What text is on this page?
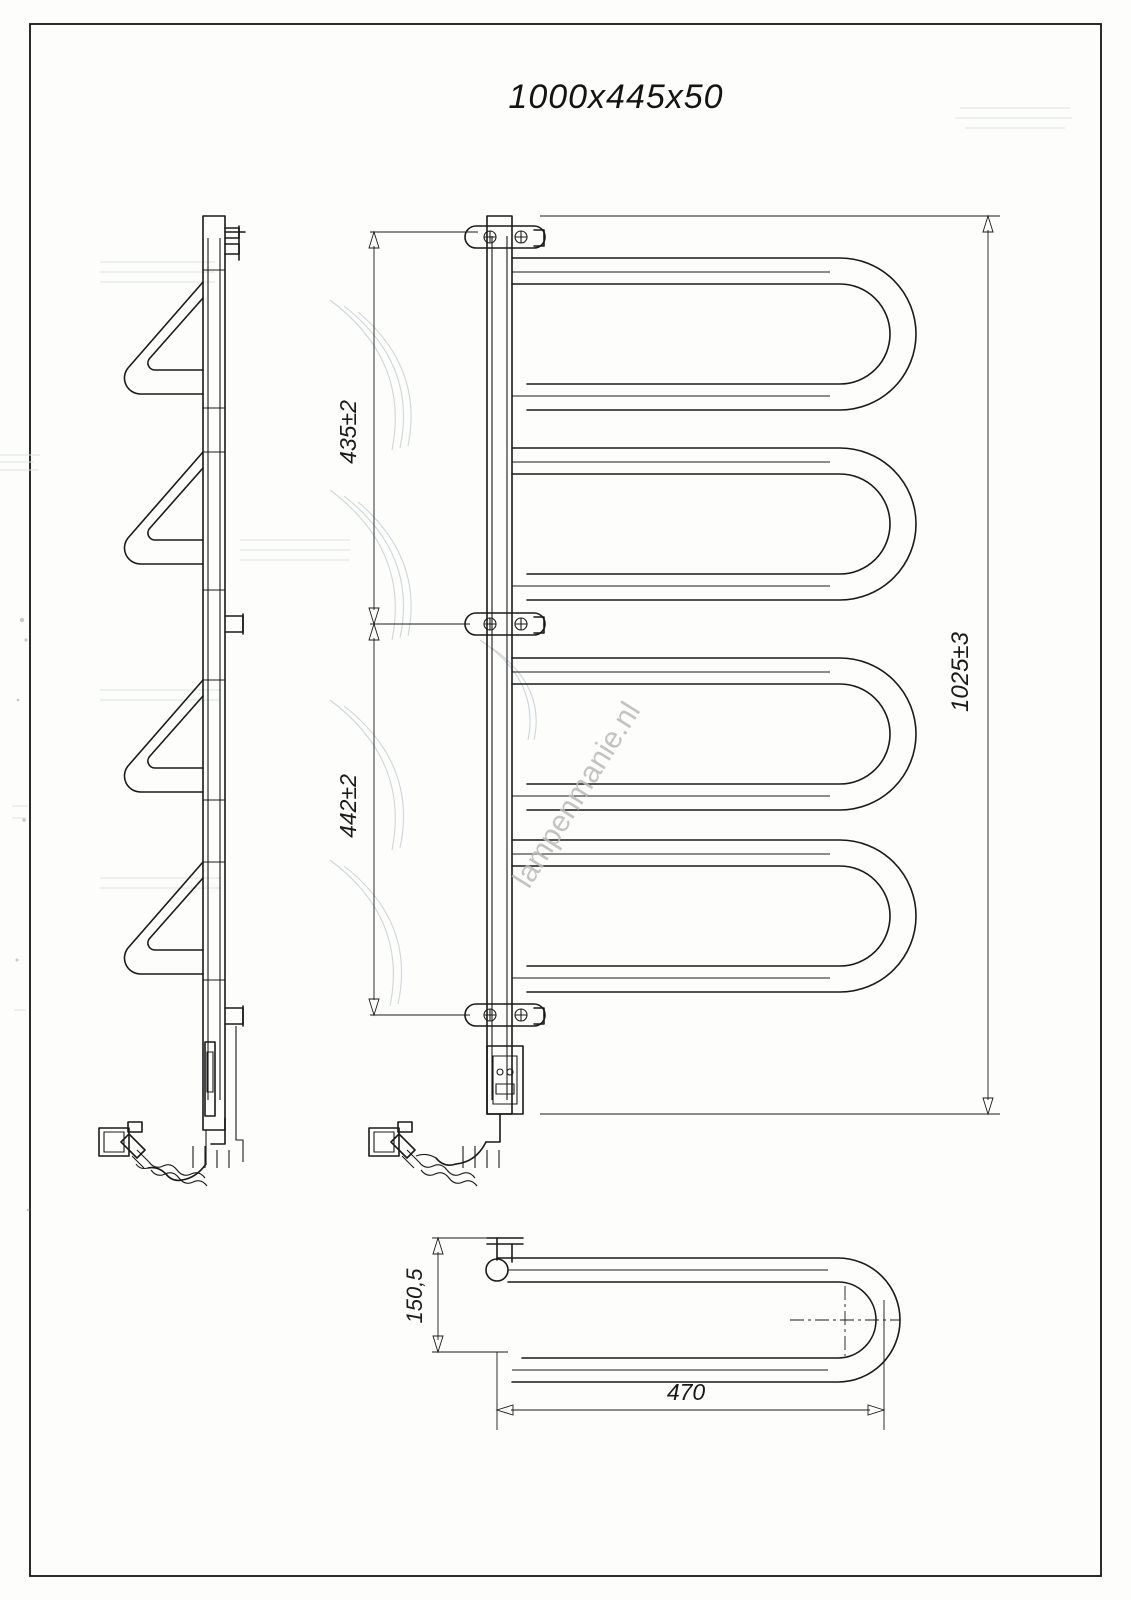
1000x445x50
1025±3
435±2
442±2
150,5
470
lampenmanie.nl
